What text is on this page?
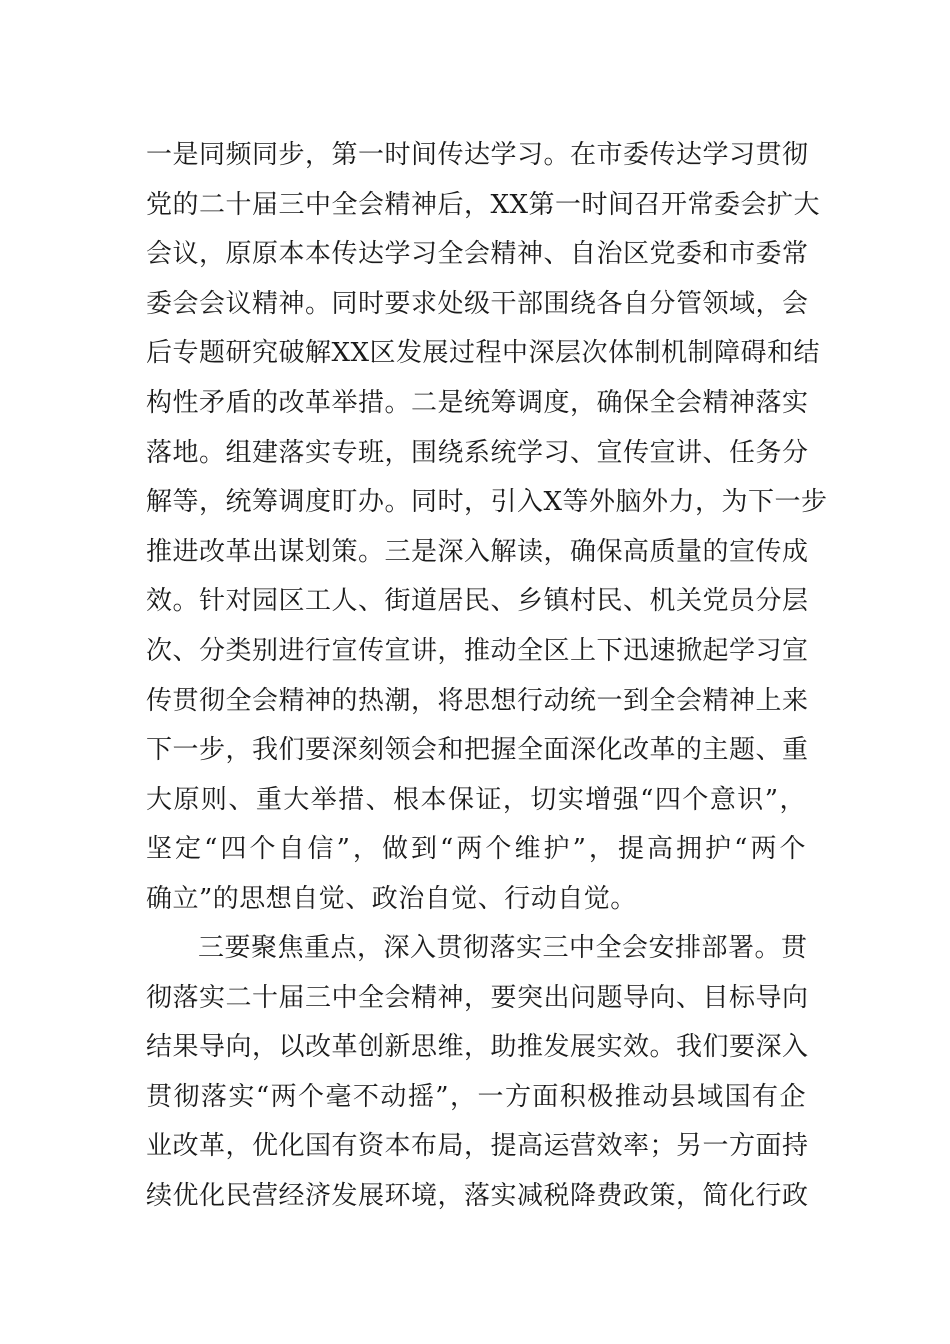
一是同频同步，第一时间传达学习。在市委传达学习贯彻
党的二十届三中全会精神后，XX第一时间召开常委会扩大
会议，原原本本传达学习全会精神、自治区党委和市委常
委会会议精神。同时要求处级干部围绕各自分管领域，会
后专题研究破解XX区发展过程中深层次体制机制障碍和结
构性矛盾的改革举措。二是统筹调度，确保全会精神落实
落地。组建落实专班，围绕系统学习、宣传宣讲、任务分
解等，统筹调度盯办。同时，引入X等外脑外力，为下一步
推进改革出谋划策。三是深入解读，确保高质量的宣传成
效。针对园区工人、街道居民、乡镇村民、机关党员分层
次、分类别进行宣传宣讲，推动全区上下迅速掀起学习宣
传贯彻全会精神的热潮，将思想行动统一到全会精神上来
下一步，我们要深刻领会和把握全面深化改革的主题、重
大原则、重大举措、根本保证，切实增强“四个意识”，
坚定“四个自信”，做到“两个维护”，提高拥护“两个
确立”的思想自觉、政治自觉、行动自觉。
三要聚焦重点，深入贯彻落实三中全会安排部署。贯
彻落实二十届三中全会精神，要突出问题导向、目标导向
结果导向，以改革创新思维，助推发展实效。我们要深入
贯彻落实“两个毫不动摇”，一方面积极推动县域国有企
业改革，优化国有资本布局，提高运营效率；另一方面持
续优化民营经济发展环境，落实减税降费政策，简化行政
